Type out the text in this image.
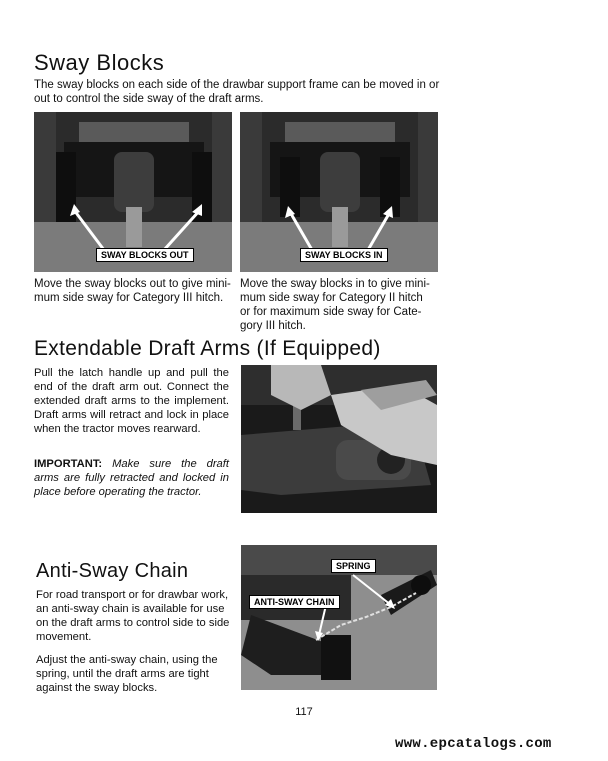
Sway Blocks
The sway blocks on each side of the drawbar support frame can be moved in or
out to control the side sway of the draft arms.
SWAY BLOCKS OUT	SWAY BLOCKS IN
Move the sway blocks out to give mini-
mum side sway for Category III hitch.
Move the sway blocks in to give mini-
mum side sway for Category II hitch
or for maximum side sway for Cate-
gory III hitch.
Extendable Draft Arms (If Equipped)
Pull the latch handle up and pull the end of the draft arm out. Connect the extended draft arms to the implement. Draft arms will retract and lock in place when the tractor moves rearward.
IMPORTANT: Make sure the draft arms are fully retracted and locked in place before operating the tractor.
Anti-Sway Chain
For road transport or for drawbar work, an anti-sway chain is available for use on the draft arms to control side to side movement.
Adjust the anti-sway chain, using the spring, until the draft arms are tight against the sway blocks.
SPRING
ANTI-SWAY CHAIN
117
www.epcatalogs.com
